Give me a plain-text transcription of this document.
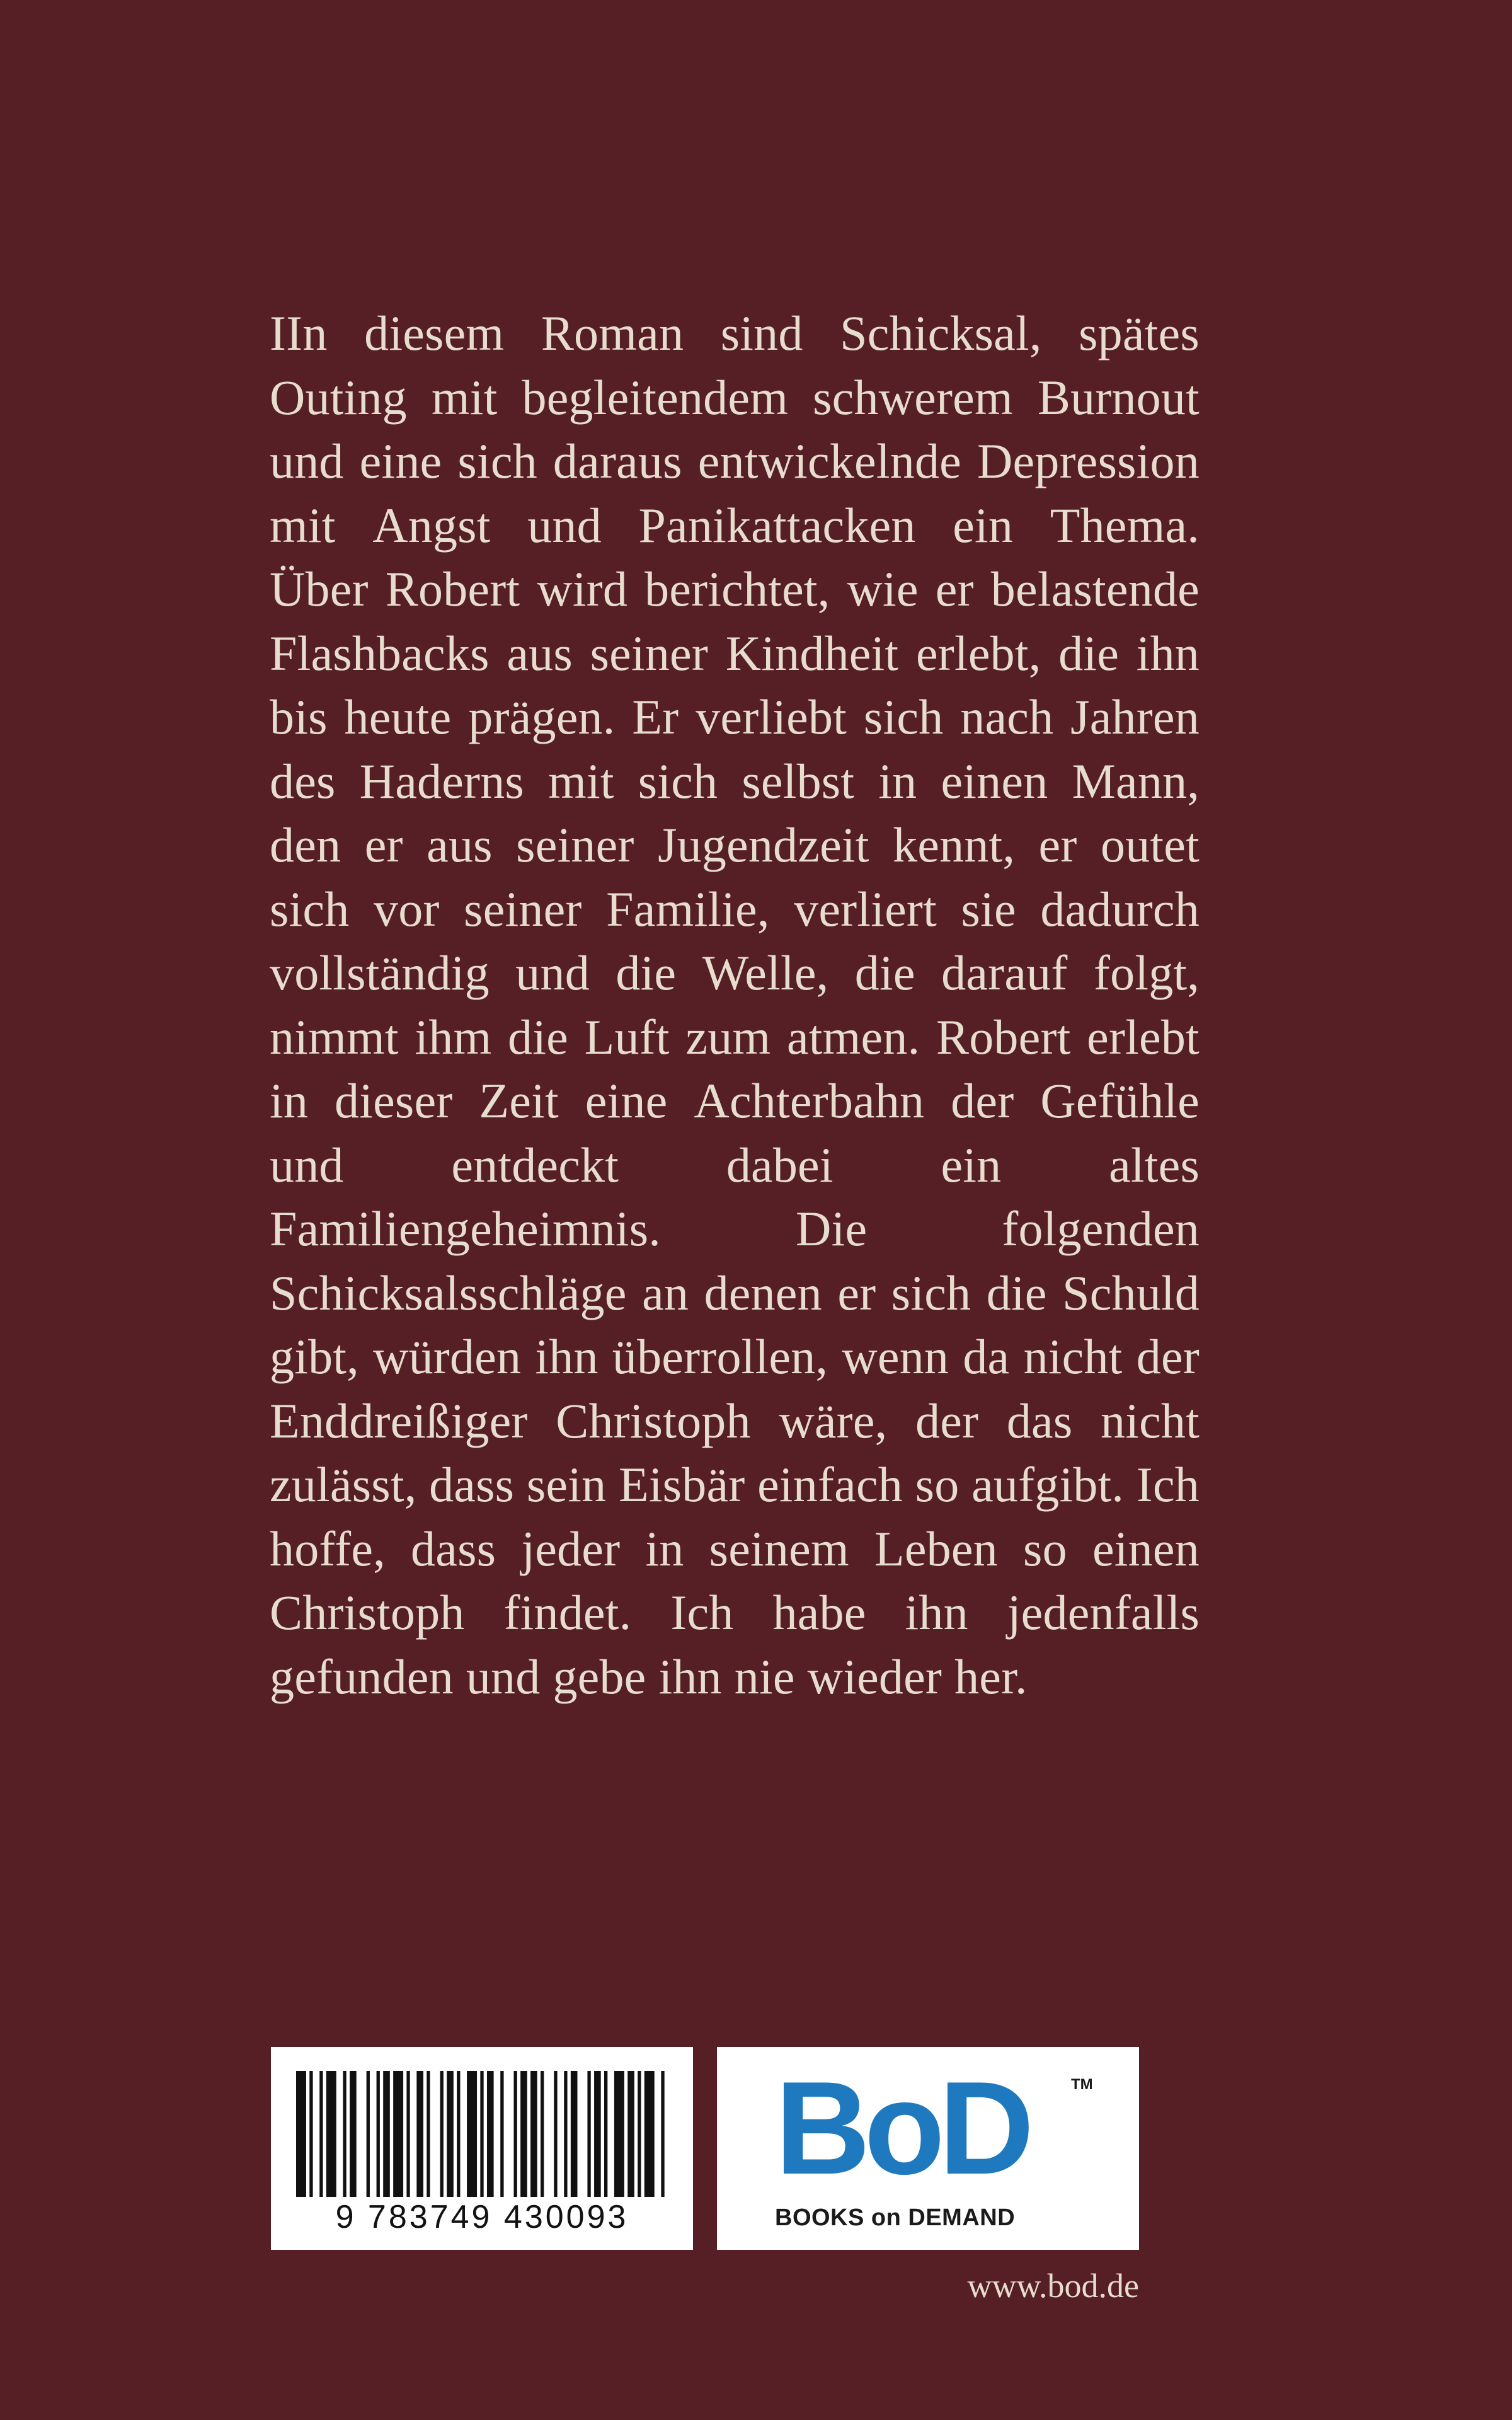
IIn diesem Roman sind Schicksal, spätes
Outing mit begleitendem schwerem Burnout
und eine sich daraus entwickelnde Depression
mit Angst und Panikattacken ein Thema.
Über Robert wird berichtet, wie er belastende
Flashbacks aus seiner Kindheit erlebt, die ihn
bis heute prägen. Er verliebt sich nach Jahren
des Haderns mit sich selbst in einen Mann,
den er aus seiner Jugendzeit kennt, er outet
sich vor seiner Familie, verliert sie dadurch
vollständig und die Welle, die darauf folgt,
nimmt ihm die Luft zum atmen. Robert erlebt
in dieser Zeit eine Achterbahn der Gefühle
und entdeckt dabei ein altes
Familiengeheimnis.	Die	folgenden
Schicksalsschläge an denen er sich die Schuld
gibt, würden ihn überrollen, wenn da nicht der
Enddreißiger Christoph wäre, der das nicht
zulässt, dass sein Eisbär einfach so aufgibt. Ich
hoffe, dass jeder in seinem Leben so einen
Christoph findet. Ich habe ihn jedenfalls
gefunden und gebe ihn nie wieder her.
9 783749 430093
BoD	TM
BOOKS on DEMAND
www.bod.de
